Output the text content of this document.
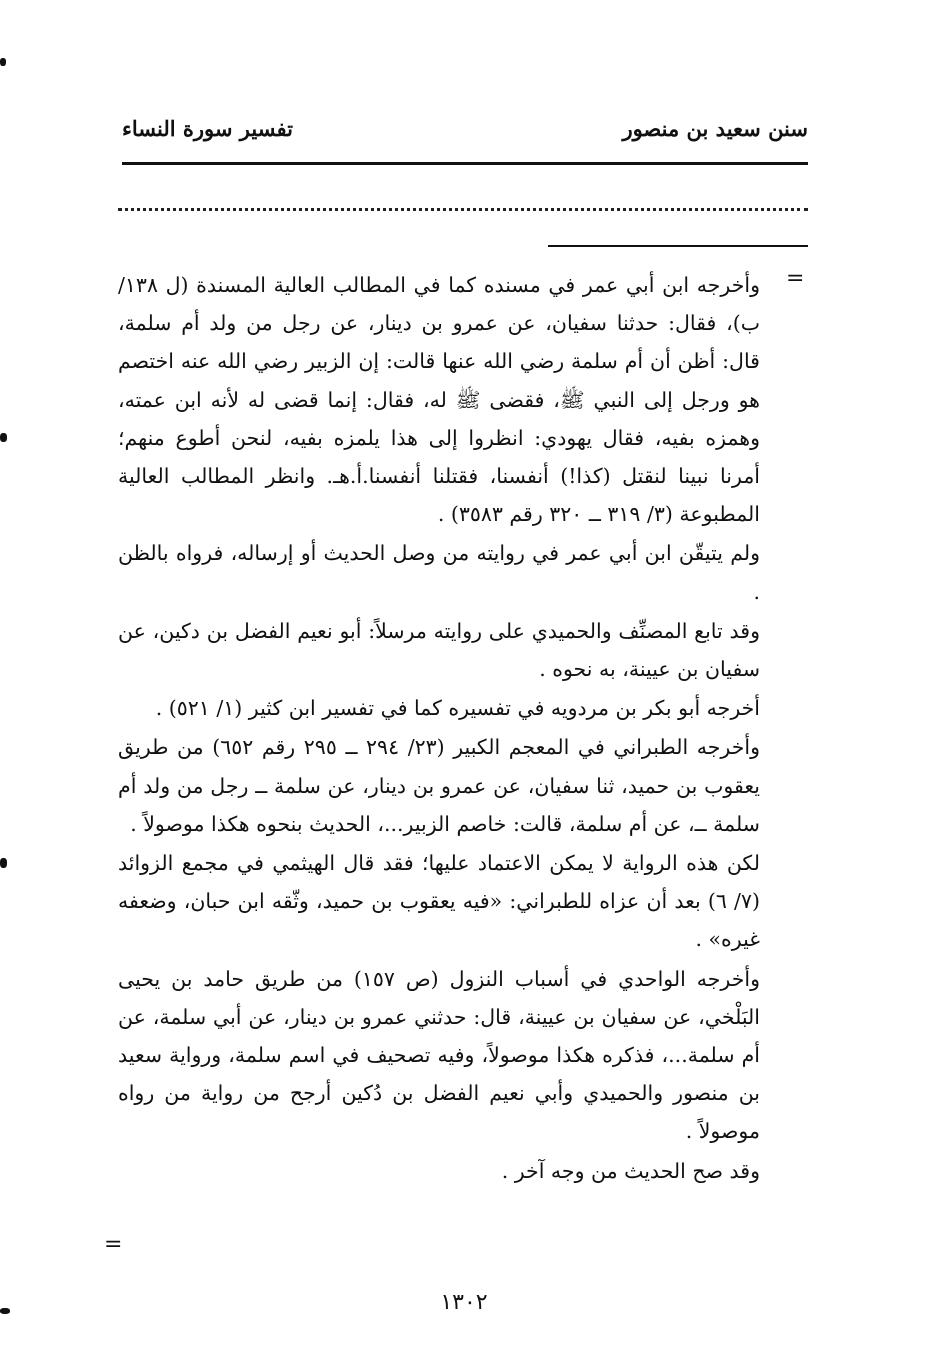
سنن سعيد بن منصور
تفسير سورة النساء
=

وأخرجه ابن أبي عمر في مسنده كما في المطالب العالية المسندة (ل ١٣٨/ ب)، فقال: حدثنا سفيان، عن عمرو بن دينار، عن رجل من ولد أم سلمة، قال: أظن أن أم سلمة رضي الله عنها قالت: إن الزبير رضي الله عنه اختصم هو ورجل إلى النبي ﷺ، فقضى ﷺ له، فقال: إنما قضى له لأنه ابن عمته، وهمزه بفيه، فقال يهودي: انظروا إلى هذا يلمزه بفيه، لنحن أطوع منهم؛ أمرنا نبينا لنقتل (كذا!) أنفسنا، فقتلنا أنفسنا.أ.هـ. وانظر المطالب العالية المطبوعة (٣/ ٣١٩ ــ ٣٢٠ رقم ٣٥٨٣) .

ولم يتيقّن ابن أبي عمر في روايته من وصل الحديث أو إرساله، فرواه بالظن .

وقد تابع المصنِّف والحميدي على روايته مرسلاً: أبو نعيم الفضل بن دكين، عن سفيان بن عيينة، به نحوه .

أخرجه أبو بكر بن مردويه في تفسيره كما في تفسير ابن كثير (١/ ٥٢١) .

وأخرجه الطبراني في المعجم الكبير (٢٣/ ٢٩٤ ــ ٢٩٥ رقم ٦٥٢) من طريق يعقوب بن حميد، ثنا سفيان، عن عمرو بن دينار، عن سلمة ــ رجل من ولد أم سلمة ــ، عن أم سلمة، قالت: خاصم الزبير...، الحديث بنحوه هكذا موصولاً .

لكن هذه الرواية لا يمكن الاعتماد عليها؛ فقد قال الهيثمي في مجمع الزوائد (٧/ ٦) بعد أن عزاه للطبراني: «فيه يعقوب بن حميد، وثّقه ابن حبان، وضعفه غيره» .

وأخرجه الواحدي في أسباب النزول (ص ١٥٧) من طريق حامد بن يحيى البَلْخي، عن سفيان بن عيينة، قال: حدثني عمرو بن دينار، عن أبي سلمة، عن أم سلمة...، فذكره هكذا موصولاً، وفيه تصحيف في اسم سلمة، ورواية سعيد بن منصور والحميدي وأبي نعيم الفضل بن دُكين أرجح من رواية من رواه موصولاً .

وقد صح الحديث من وجه آخر .

=
١٣٠٢
